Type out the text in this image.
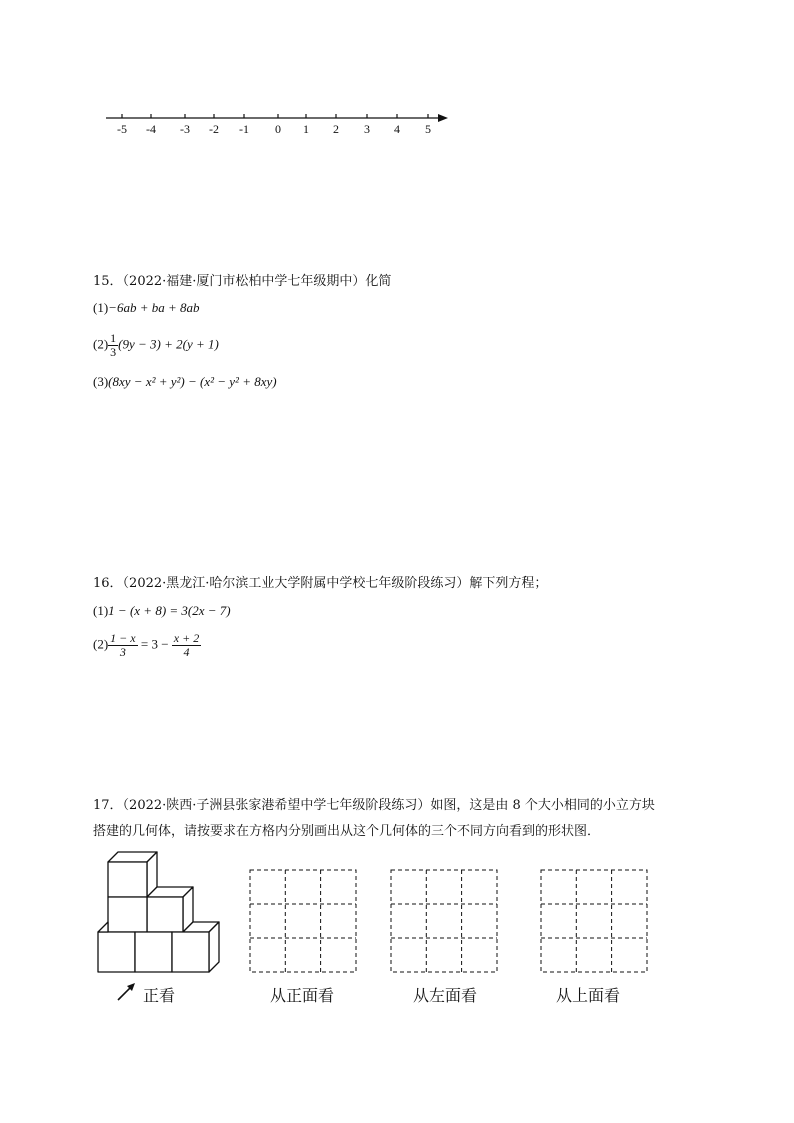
-5 -4 -3 -2 -1 0 1 2 3 4 5
15．（2022·福建·厦门市松柏中学七年级期中）化简
(1)−6ab + ba + 8ab
$(2) \frac{1}{3} (9y - 3) + 2(y + 1)$
(3)(8xy − x² + y²) − (x² − y² + 8xy)
16．（2022·黑龙江·哈尔滨工业大学附属中学校七年级阶段练习）解下列方程；
(1)1 − (x + 8) = 3(2x − 7)
$(2) \frac{1 - x}{3} = 3 - \frac{x + 2}{4}$
17．（2022·陕西·子洲县张家港希望中学七年级阶段练习）如图，这是由 8 个大小相同的小立方块
搭建的几何体，请按要求在方格内分别画出从这个几何体的三个不同方向看到的形状图．
正看	从正面看	从左面看	从上面看
